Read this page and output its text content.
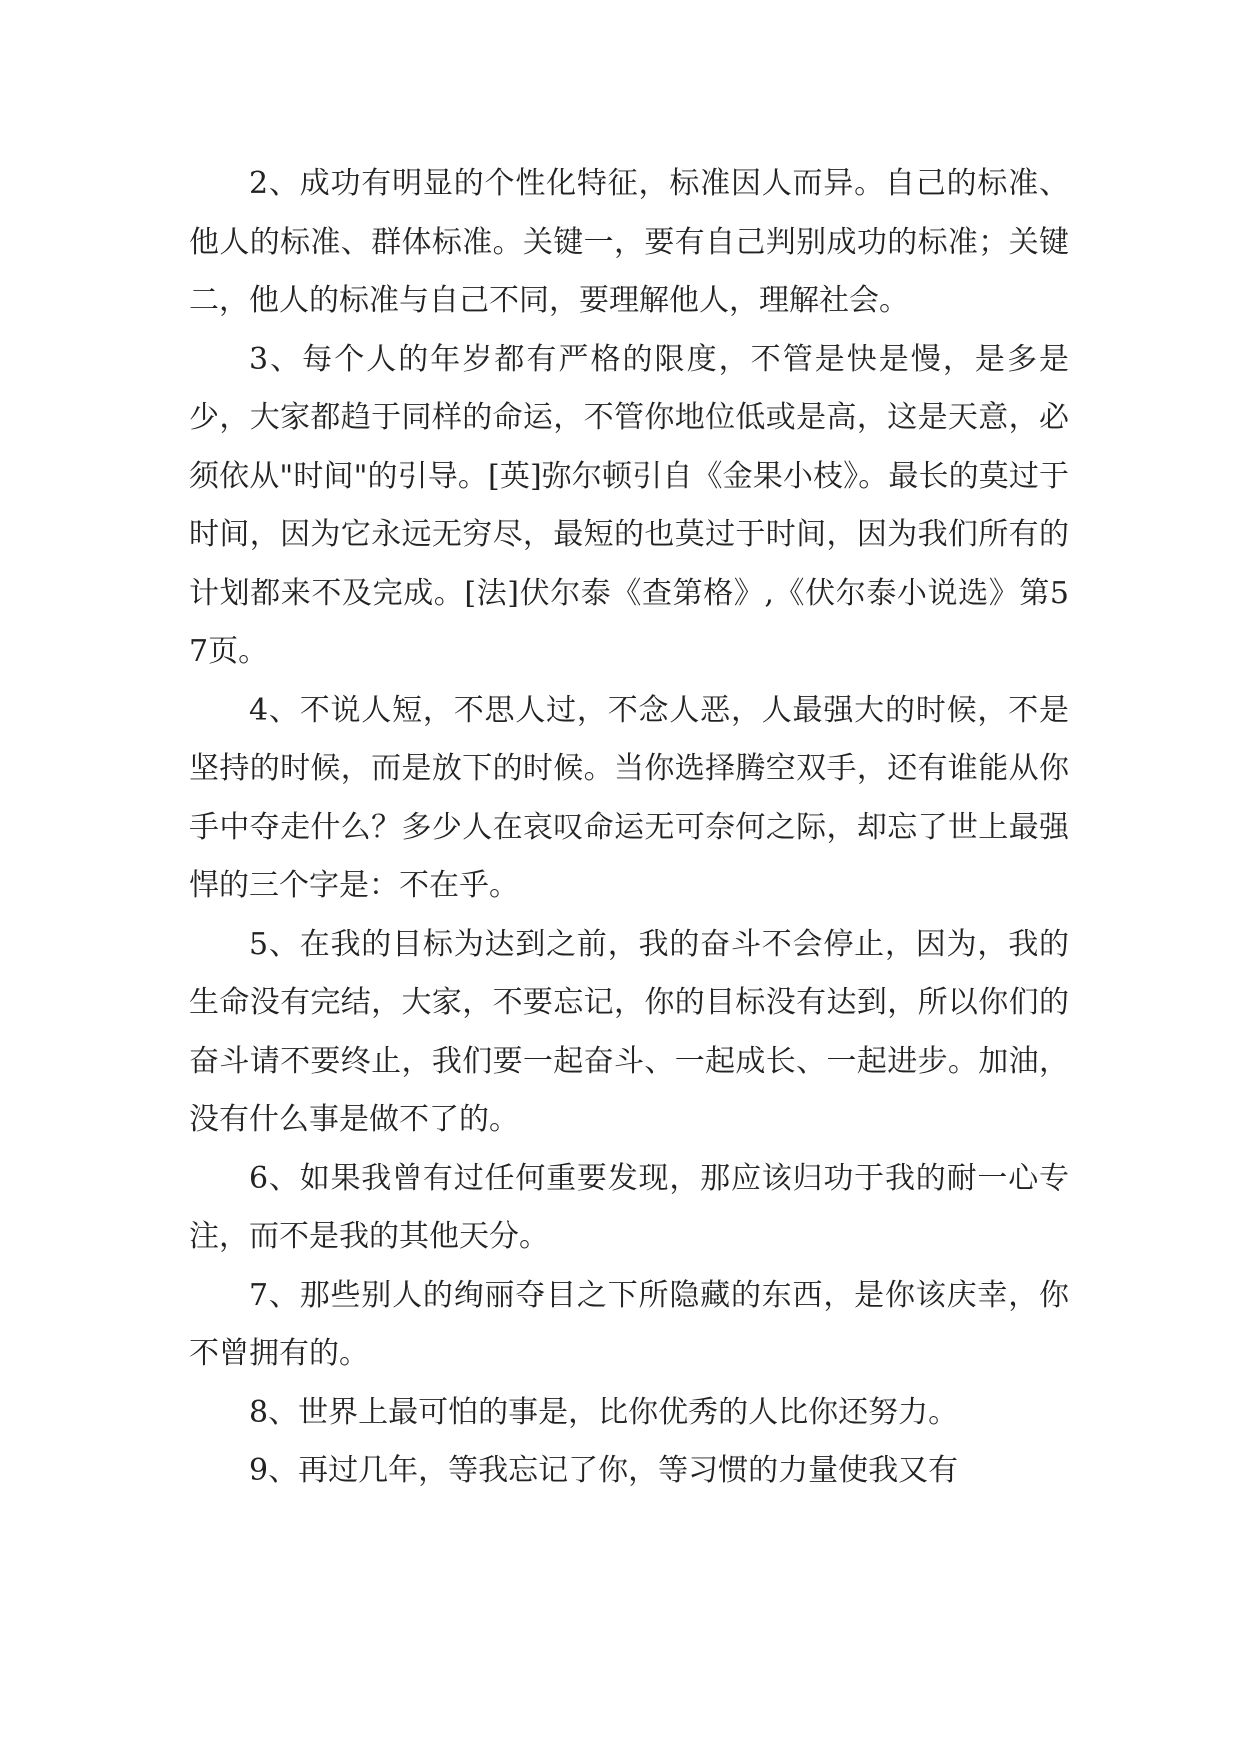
2、成功有明显的个性化特征，标准因人而异。自己的标准、他人的标准、群体标准。关键一，要有自己判别成功的标准；关键二，他人的标准与自己不同，要理解他人，理解社会。

3、每个人的年岁都有严格的限度，不管是快是慢，是多是少，大家都趋于同样的命运，不管你地位低或是高，这是天意，必须依从"时间"的引导。[英]弥尔顿引自《金果小枝》。最长的莫过于时间，因为它永远无穷尽，最短的也莫过于时间，因为我们所有的计划都来不及完成。[法]伏尔泰《查第格》,《伏尔泰小说选》第57页。

4、不说人短，不思人过，不念人恶，人最强大的时候，不是坚持的时候，而是放下的时候。当你选择腾空双手，还有谁能从你手中夺走什么？多少人在哀叹命运无可奈何之际，却忘了世上最强悍的三个字是：不在乎。

5、在我的目标为达到之前，我的奋斗不会停止，因为，我的生命没有完结，大家，不要忘记，你的目标没有达到，所以你们的奋斗请不要终止，我们要一起奋斗、一起成长、一起进步。加油，没有什么事是做不了的。

6、如果我曾有过任何重要发现，那应该归功于我的耐一心专注，而不是我的其他天分。

7、那些别人的绚丽夺目之下所隐藏的东西，是你该庆幸，你不曾拥有的。

8、世界上最可怕的事是，比你优秀的人比你还努力。

9、再过几年，等我忘记了你，等习惯的力量使我又有
